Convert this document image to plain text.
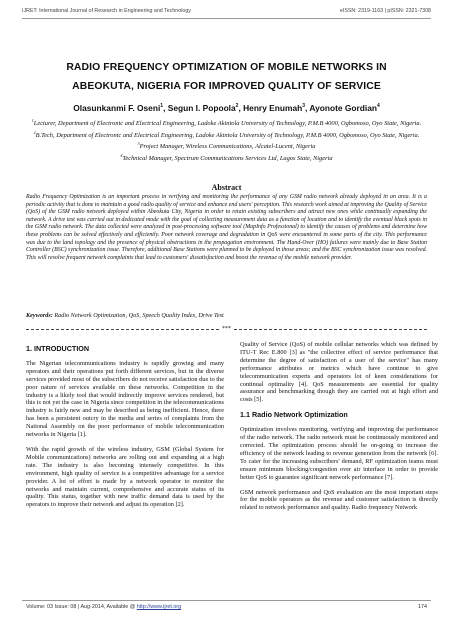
IJRET: International Journal of Research in Engineering and Technology	eISSN: 2319-1163 | pISSN: 2321-7308
RADIO FREQUENCY OPTIMIZATION OF MOBILE NETWORKS IN
ABEOKUTA, NIGERIA FOR IMPROVED QUALITY OF SERVICE
Olasunkanmi F. Oseni$^1$, Segun I. Popoola$^2$, Henry Enumah$^3$, Ayonote Gordian$^4$
$^1$Lecturer, Department of Electronic and Electrical Engineering, Ladoke Akintola University of Technology, P.M.B 4000, Ogbomoso, Oyo State, Nigeria.
$^2$B.Tech, Department of Electronic and Electrical Engineering, Ladoke Akintola University of Technology, P.M.B 4000, Ogbomoso, Oyo State, Nigeria.
$^3$Project Manager, Wireless Communications, Alcatel-Lucent, Nigeria
$^4$Technical Manager, Spectrum Communications Services Ltd, Lagos State, Nigeria
Abstract
Radio Frequency Optimization is an important process in verifying and monitoring the performance of any GSM radio network already deployed in an area. It is a periodic activity that is done to maintain a good radio quality of service and enhance end users' perception. This research work aimed at improving the Quality of Service (QoS) of the GSM radio network deployed within Abeokuta City, Nigeria in order to retain existing subscribers and attract new ones while continually expanding the network. A drive test was carried out in dedicated mode with the goal of collecting measurement data as a function of location and to identify the eventual black spots in the GSM radio network. The data collected were analyzed in post-processing software tool (MapInfo Professional) to identify the causes of problems and determine how these problems can be solved effectively and efficiently. Poor network coverage and degradation in QoS were encountered in some parts of the city. This performance was due to the land topology and the presence of physical obstructions in the propagation environment. The Hand-Over (HO) failures were mainly due to Base Station Controller (BSC) synchronization issue. Therefore, additional Base Stations were planned to be deployed in those areas; and the BSC synchronization issue was resolved. This will resolve frequent network complaints that lead to customers' dissatisfaction and boost the revenue of the mobile network provider.
Keywords: Radio Network Optimization, QoS, Speech Quality Index, Drive Test
***
1. INTRODUCTION

The Nigerian telecommunications industry is rapidly growing and many operators and their operations put forth different services, but in the diverse services provided most of the subscribers do not receive satisfaction due to the poor nature of services available on these networks. Competition in the industry is a likely tool that would indirectly improve services rendered, but this is not yet the case in Nigeria since competition in the telecommunications industry is fairly new and may be described as being inefficient. Hence, there has been a persistent outcry in the media and series of complaints from the National Assembly on the poor performance of mobile telecommunication networks in Nigeria [1].

With the rapid growth of the wireless industry, GSM (Global System for Mobile communications) networks are rolling out and expanding at a high rate. The industry is also becoming intensely competitive. In this environment, high quality of service is a competitive advantage for a service provider. A lot of effort is made by a network operator to monitor the networks and maintain current, comprehensive and accurate status of its quality. This status, together with new traffic demand data is used by the operators to improve their network and adjust its operation [2].

Quality of Service (QoS) of mobile cellular networks which was defined by ITU-T Rec E.800 [3] as "the collective effect of service performance that determine the degree of satisfaction of a user of the service" has many performance attributes or metrics which have continue to give telecommunication experts and operators lot of keen considerations for continual optimality [4]. QoS measurements are essential for quality assurance and benchmarking though they are carried out at high effort and costs [5].

1.1 Radio Network Optimization

Optimization involves monitoring, verifying and improving the performance of the radio network. The radio network must be continuously monitored and corrected. The optimization process should be on-going to increase the efficiency of the network leading to revenue generation from the network [6]. To cater for the increasing subscribers' demand, RF optimization teams must ensure minimum blocking/congestion over air interface in order to provide better QoS to guarantee significant network performance [7].

GSM network performance and QoS evaluation are the most important steps for the mobile operators as the revenue and customer satisfaction is directly related to network performance and quality. Radio frequency Network

Volume: 03 Issue: 08 | Aug-2014, Available @ http://www.ijret.org	174
